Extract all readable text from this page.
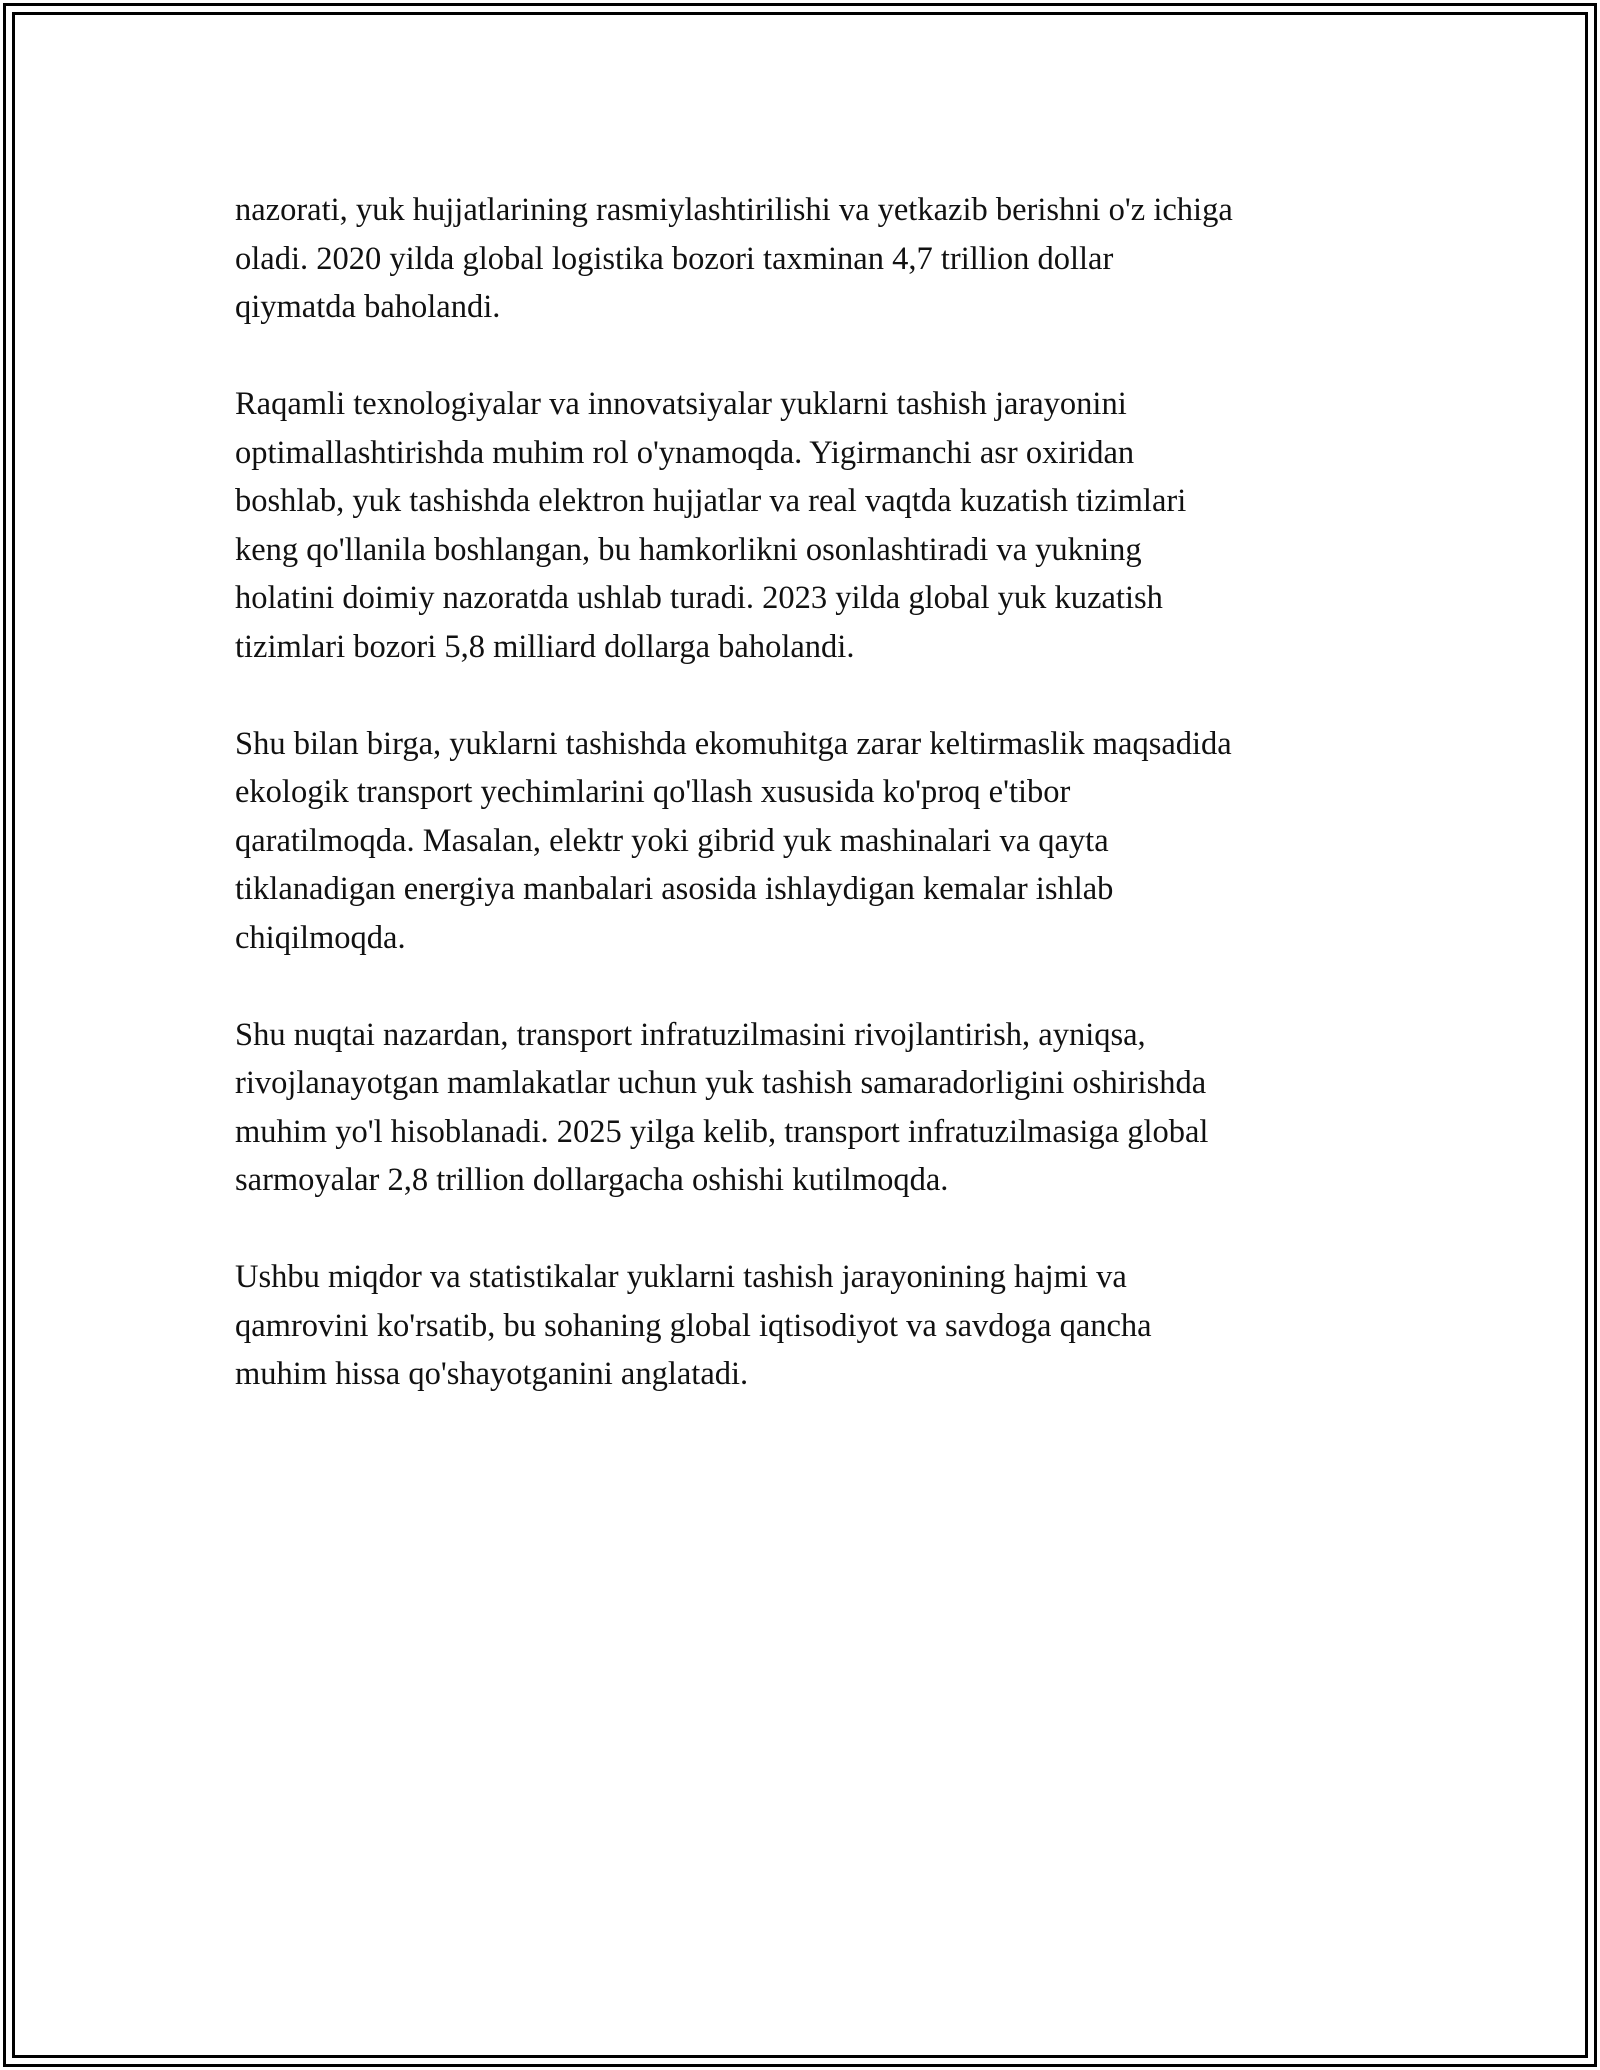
nazorati, yuk hujjatlarining rasmiylashtirilishi va yetkazib berishni o'z ichiga
oladi. 2020 yilda global logistika bozori taxminan 4,7 trillion dollar
qiymatda baholandi.

Raqamli texnologiyalar va innovatsiyalar yuklarni tashish jarayonini
optimallashtirishda muhim rol o'ynamoqda. Yigirmanchi asr oxiridan
boshlab, yuk tashishda elektron hujjatlar va real vaqtda kuzatish tizimlari
keng qo'llanila boshlangan, bu hamkorlikni osonlashtiradi va yukning
holatini doimiy nazoratda ushlab turadi. 2023 yilda global yuk kuzatish
tizimlari bozori 5,8 milliard dollarga baholandi.

Shu bilan birga, yuklarni tashishda ekomuhitga zarar keltirmaslik maqsadida
ekologik transport yechimlarini qo'llash xususida ko'proq e'tibor
qaratilmoqda. Masalan, elektr yoki gibrid yuk mashinalari va qayta
tiklanadigan energiya manbalari asosida ishlaydigan kemalar ishlab
chiqilmoqda.

Shu nuqtai nazardan, transport infratuzilmasini rivojlantirish, ayniqsa,
rivojlanayotgan mamlakatlar uchun yuk tashish samaradorligini oshirishda
muhim yo'l hisoblanadi. 2025 yilga kelib, transport infratuzilmasiga global
sarmoyalar 2,8 trillion dollargacha oshishi kutilmoqda.

Ushbu miqdor va statistikalar yuklarni tashish jarayonining hajmi va
qamrovini ko'rsatib, bu sohaning global iqtisodiyot va savdoga qancha
muhim hissa qo'shayotganini anglatadi.
